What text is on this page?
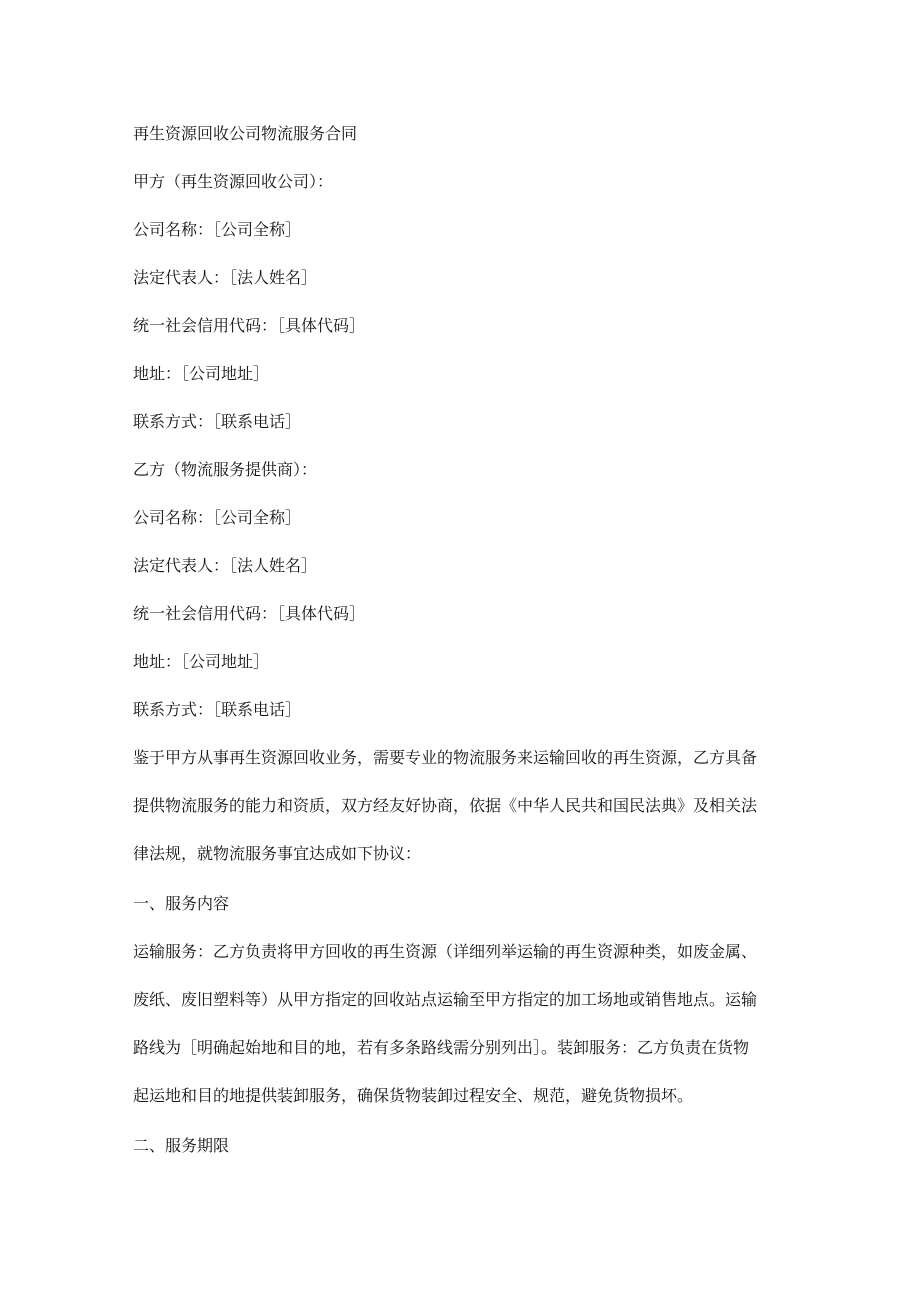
再生资源回收公司物流服务合同
甲方（再生资源回收公司）：
公司名称：［公司全称］
法定代表人：［法人姓名］
统一社会信用代码：［具体代码］
地址：［公司地址］
联系方式：［联系电话］
乙方（物流服务提供商）：
公司名称：［公司全称］
法定代表人：［法人姓名］
统一社会信用代码：［具体代码］
地址：［公司地址］
联系方式：［联系电话］
鉴于甲方从事再生资源回收业务，需要专业的物流服务来运输回收的再生资源，乙方具备
提供物流服务的能力和资质，双方经友好协商，依据《中华人民共和国民法典》及相关法
律法规，就物流服务事宜达成如下协议：
一、服务内容
运输服务：乙方负责将甲方回收的再生资源（详细列举运输的再生资源种类，如废金属、
废纸、废旧塑料等）从甲方指定的回收站点运输至甲方指定的加工场地或销售地点。运输
路线为［明确起始地和目的地，若有多条路线需分别列出］。装卸服务：乙方负责在货物
起运地和目的地提供装卸服务，确保货物装卸过程安全、规范，避免货物损坏。
二、服务期限
